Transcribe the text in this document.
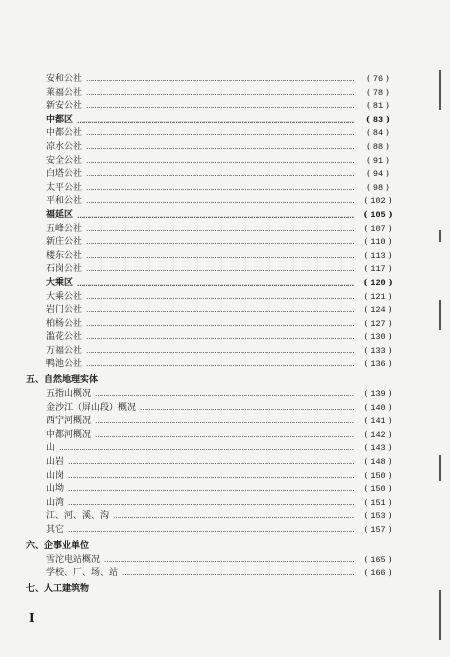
安和公社 ……………………………………………………………………………………………………………………………………………………………………………………………………	( 76 )
莱福公社 ……………………………………………………………………………………………………………………………………………………………………………………………………	( 78 )
新安公社 ……………………………………………………………………………………………………………………………………………………………………………………………………	( 81 )
中都区 ……………………………………………………………………………………………………………………………………………………………………………………………………	( 83 )
中都公社 ……………………………………………………………………………………………………………………………………………………………………………………………………	( 84 )
凉水公社 ……………………………………………………………………………………………………………………………………………………………………………………………………	( 88 )
安全公社 ……………………………………………………………………………………………………………………………………………………………………………………………………	( 91 )
白塔公社 ……………………………………………………………………………………………………………………………………………………………………………………………………	( 94 )
太平公社 ……………………………………………………………………………………………………………………………………………………………………………………………………	( 98 )
平和公社 ……………………………………………………………………………………………………………………………………………………………………………………………………	( 102 )
福延区 ……………………………………………………………………………………………………………………………………………………………………………………………………	( 105 )
五峰公社 ……………………………………………………………………………………………………………………………………………………………………………………………………	( 107 )
新庄公社 ……………………………………………………………………………………………………………………………………………………………………………………………………	( 110 )
楼东公社 ……………………………………………………………………………………………………………………………………………………………………………………………………	( 113 )
石岗公社 ……………………………………………………………………………………………………………………………………………………………………………………………………	( 117 )
大乘区 ……………………………………………………………………………………………………………………………………………………………………………………………………	( 120 )
大乘公社 ……………………………………………………………………………………………………………………………………………………………………………………………………	( 121 )
岩门公社 ……………………………………………………………………………………………………………………………………………………………………………………………………	( 124 )
柏杨公社 ……………………………………………………………………………………………………………………………………………………………………………………………………	( 127 )
滥花公社 ……………………………………………………………………………………………………………………………………………………………………………………………………	( 130 )
万福公社 ……………………………………………………………………………………………………………………………………………………………………………………………………	( 133 )
鸭池公社 ……………………………………………………………………………………………………………………………………………………………………………………………………	( 136 )
五、自然地理实体
五指山概况 ……………………………………………………………………………………………………………………………………………………………………………………………………	( 139 )
金沙江（屏山段）概况 ……………………………………………………………………………………………………………………………………………………………………………………………………	( 140 )
西宁河概况 ……………………………………………………………………………………………………………………………………………………………………………………………………	( 141 )
中都河概况 ……………………………………………………………………………………………………………………………………………………………………………………………………	( 142 )
山 ……………………………………………………………………………………………………………………………………………………………………………………………………	( 143 )
山岩 ……………………………………………………………………………………………………………………………………………………………………………………………………	( 148 )
山岗 ……………………………………………………………………………………………………………………………………………………………………………………………………	( 150 )
山坳 ……………………………………………………………………………………………………………………………………………………………………………………………………	( 150 )
山湾 ……………………………………………………………………………………………………………………………………………………………………………………………………	( 151 )
江、河、溪、沟 ……………………………………………………………………………………………………………………………………………………………………………………………………	( 153 )
其它 ……………………………………………………………………………………………………………………………………………………………………………………………………	( 157 )
六、企事业单位
雪沱电站概况 ……………………………………………………………………………………………………………………………………………………………………………………………………	( 165 )
学校、厂、场、站 ……………………………………………………………………………………………………………………………………………………………………………………………………	( 166 )
七、人工建筑物
I
